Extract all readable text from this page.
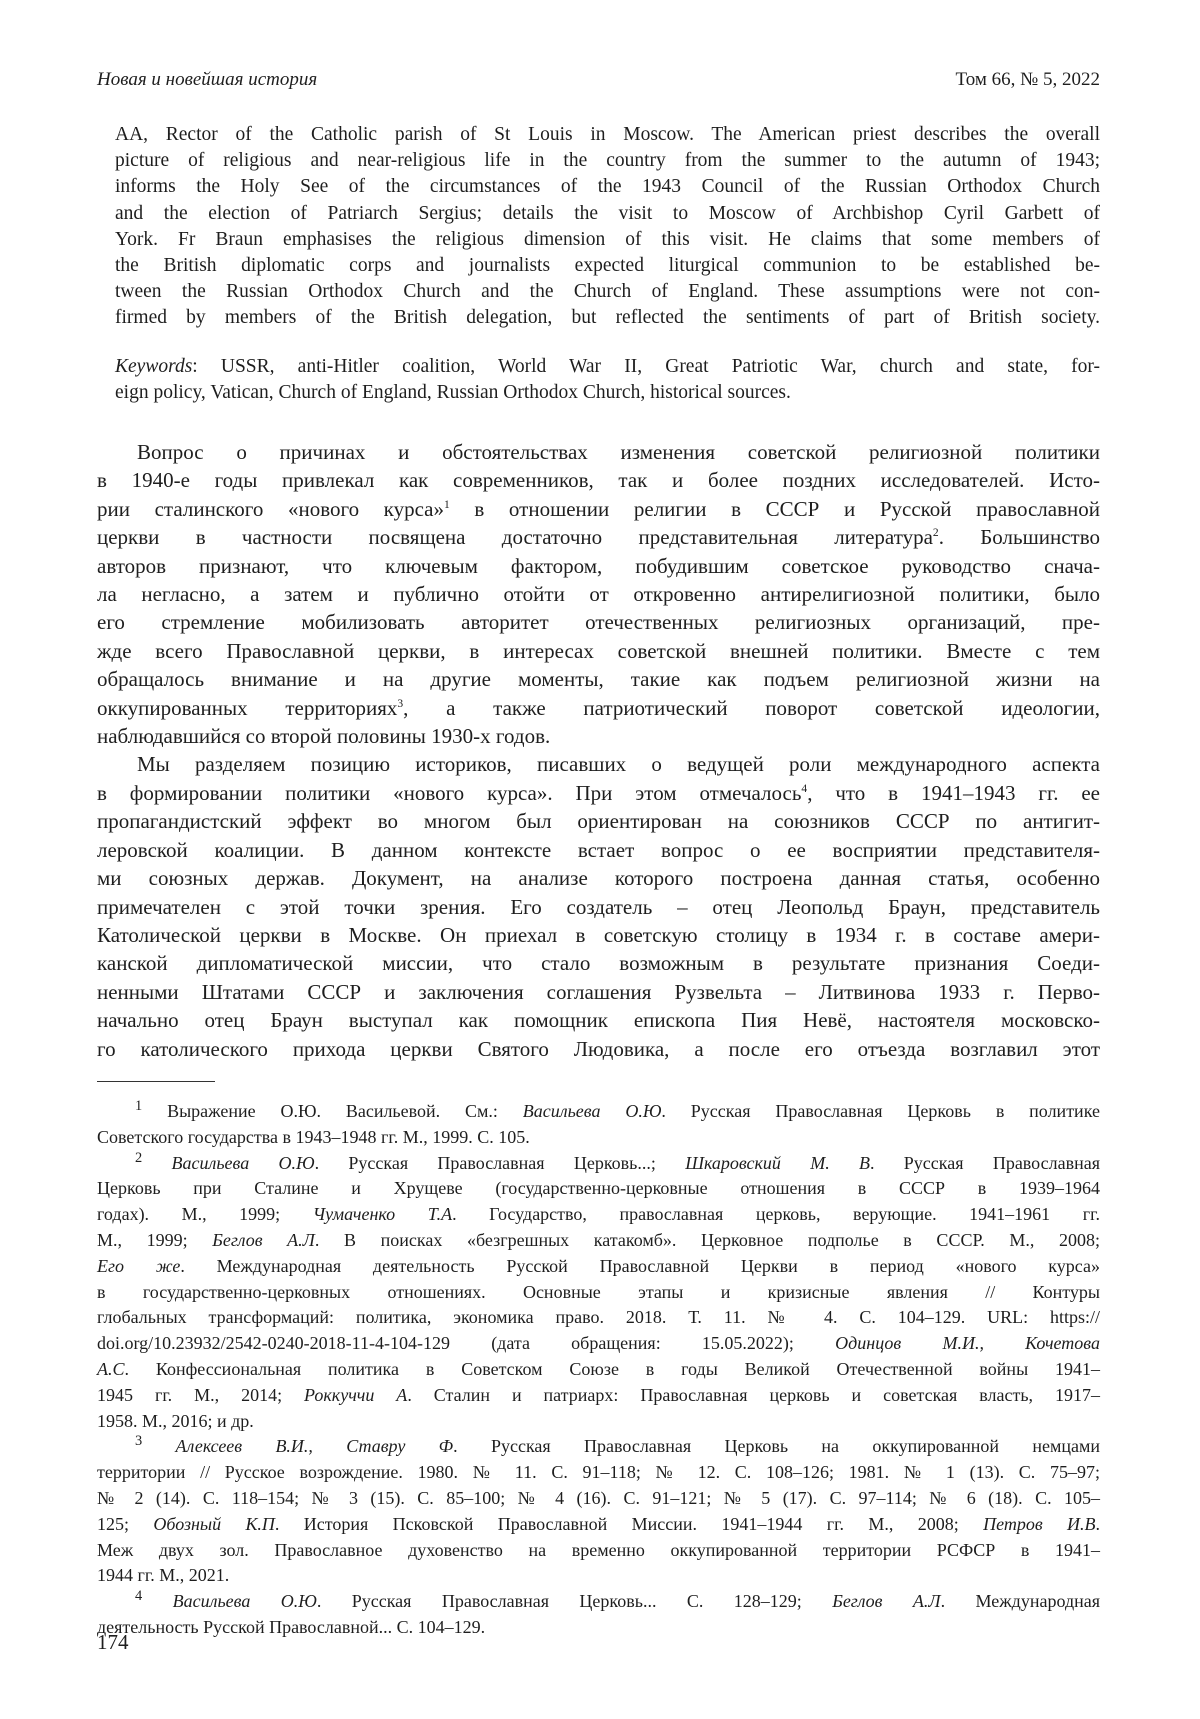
Новая и новейшая история	Том 66, № 5, 2022
AA, Rector of the Catholic parish of St Louis in Moscow. The American priest describes the overall
picture of religious and near-religious life in the country from the summer to the autumn of 1943;
informs the Holy See of the circumstances of the 1943 Council of the Russian Orthodox Church
and the election of Patriarch Sergius; details the visit to Moscow of Archbishop Cyril Garbett of
York. Fr Braun emphasises the religious dimension of this visit. He claims that some members of
the British diplomatic corps and journalists expected liturgical communion to be established be-
tween the Russian Orthodox Church and the Church of England. These assumptions were not con-
firmed by members of the British delegation, but reflected the sentiments of part of British society.
Keywords: USSR, anti-Hitler coalition, World War II, Great Patriotic War, church and state, for-
eign policy, Vatican, Church of England, Russian Orthodox Church, historical sources.
Вопрос о причинах и обстоятельствах изменения советской религиозной политики
в 1940-е годы привлекал как современников, так и более поздних исследователей. Исто-
рии сталинского «нового курса»$^1$ в отношении религии в СССР и Русской православной
церкви в частности посвящена достаточно представительная литература$^2$. Большинство
авторов признают, что ключевым фактором, побудившим советское руководство снача-
ла негласно, а затем и публично отойти от откровенно антирелигиозной политики, было
его стремление мобилизовать авторитет отечественных религиозных организаций, пре-
жде всего Православной церкви, в интересах советской внешней политики. Вместе с тем
обращалось внимание и на другие моменты, такие как подъем религиозной жизни на
оккупированных территориях$^3$, а также патриотический поворот советской идеологии,
наблюдавшийся со второй половины 1930-х годов.
Мы разделяем позицию историков, писавших о ведущей роли международного аспекта
в формировании политики «нового курса». При этом отмечалось$^4$, что в 1941–1943 гг. ее
пропагандистский эффект во многом был ориентирован на союзников СССР по антигит-
леровской коалиции. В данном контексте встает вопрос о ее восприятии представителя-
ми союзных держав. Документ, на анализе которого построена данная статья, особенно
примечателен с этой точки зрения. Его создатель – отец Леопольд Браун, представитель
Католической церкви в Москве. Он приехал в советскую столицу в 1934 г. в составе амери-
канской дипломатической миссии, что стало возможным в результате признания Соеди-
ненными Штатами СССР и заключения соглашения Рузвельта – Литвинова 1933 г. Перво-
начально отец Браун выступал как помощник епископа Пия Невё, настоятеля московско-
го католического прихода церкви Святого Людовика, а после его отъезда возглавил этот
$^1$ Выражение О.Ю. Васильевой. См.: Васильева О.Ю. Русская Православная Церковь в политике
Советского государства в 1943–1948 гг. М., 1999. С. 105.
$^2$ Васильева О.Ю. Русская Православная Церковь...; Шкаровский М. В. Русская Православная
Церковь при Сталине и Хрущеве (государственно-церковные отношения в СССР в 1939–1964
годах). М., 1999; Чумаченко Т.А. Государство, православная церковь, верующие. 1941–1961 гг.
М., 1999; Беглов А.Л. В поисках «безгрешных катакомб». Церковное подполье в СССР. М., 2008;
Его же. Международная деятельность Русской Православной Церкви в период «нового курса»
в государственно-церковных отношениях. Основные этапы и кризисные явления // Контуры
глобальных трансформаций: политика, экономика право. 2018. Т. 11. № 4. С. 104–129. URL: https://
doi.org/10.23932/2542-0240-2018-11-4-104-129 (дата обращения: 15.05.2022); Одинцов М.И., Кочетова
А.С. Конфессиональная политика в Советском Союзе в годы Великой Отечественной войны 1941–
1945 гг. М., 2014; Роккуччи А. Сталин и патриарх: Православная церковь и советская власть, 1917–
1958. М., 2016; и др.
$^3$ Алексеев В.И., Ставру Ф. Русская Православная Церковь на оккупированной немцами
территории // Русское возрождение. 1980. № 11. С. 91–118; № 12. С. 108–126; 1981. № 1 (13). С. 75–97;
№ 2 (14). С. 118–154; № 3 (15). С. 85–100; № 4 (16). С. 91–121; № 5 (17). С. 97–114; № 6 (18). С. 105–
125; Обозный К.П. История Псковской Православной Миссии. 1941–1944 гг. М., 2008; Петров И.В.
Меж двух зол. Православное духовенство на временно оккупированной территории РСФСР в 1941–
1944 гг. М., 2021.
$^4$ Васильева О.Ю. Русская Православная Церковь... С. 128–129; Беглов А.Л. Международная
деятельность Русской Православной... С. 104–129.
174
